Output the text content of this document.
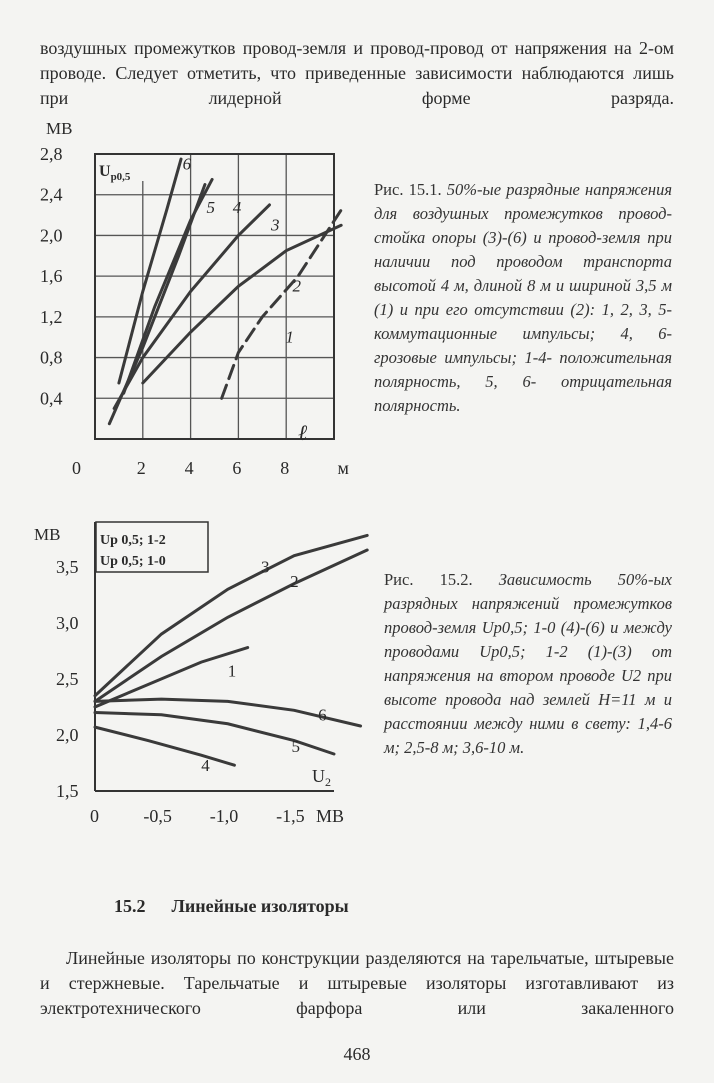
воздушных промежутков провод-земля и провод-провод от напряжения на 2-ом проводе. Следует отметить, что приведенные зависимости наблюдаются лишь при лидерной форме разряда.
МВ
2,8
2,4
2,0
1,6
1,2
0,8
0,4
0	2 4 6 8	м
$U_{р0,5}$
6
5 4
3
2
1
ℓ
Рис. 15.1. 50%-ые разрядные напряжения для воздушных промежутков провод-стойка опоры (3)-(6) и провод-земля при наличии под проводом транспорта высотой 4 м, длиной 8 м и шириной 3,5 м (1) и при его отсутствии (2): 1, 2, 3, 5- коммутационные импульсы; 4, 6- грозовые импульсы; 1-4- положительная полярность, 5, 6- отрицательная полярность.
МВ
3,5
3,0
2,5
2,0
1,5
0 -0,5 -1,0 -1,5 МВ
Uр 0,5; 1-2
Uр 0,5; 1-0	3
2
1
6
5
4
$U_2$
Рис. 15.2. Зависимость 50%-ых разрядных напряжений промежутков провод-земля Uр0,5; 1-0 (4)-(6) и между проводами Uр0,5; 1-2 (1)-(3) от напряжения на втором проводе U2 при высоте провода над землей Н=11 м и расстоянии между ними в свету: 1,4-6 м; 2,5-8 м; 3,6-10 м.
15.2 Линейные изоляторы
Линейные изоляторы по конструкции разделяются на тарельчатые, штыревые и стержневые. Тарельчатые и штыревые изоляторы изготавливают из электротехнического фарфора или закаленного
468
